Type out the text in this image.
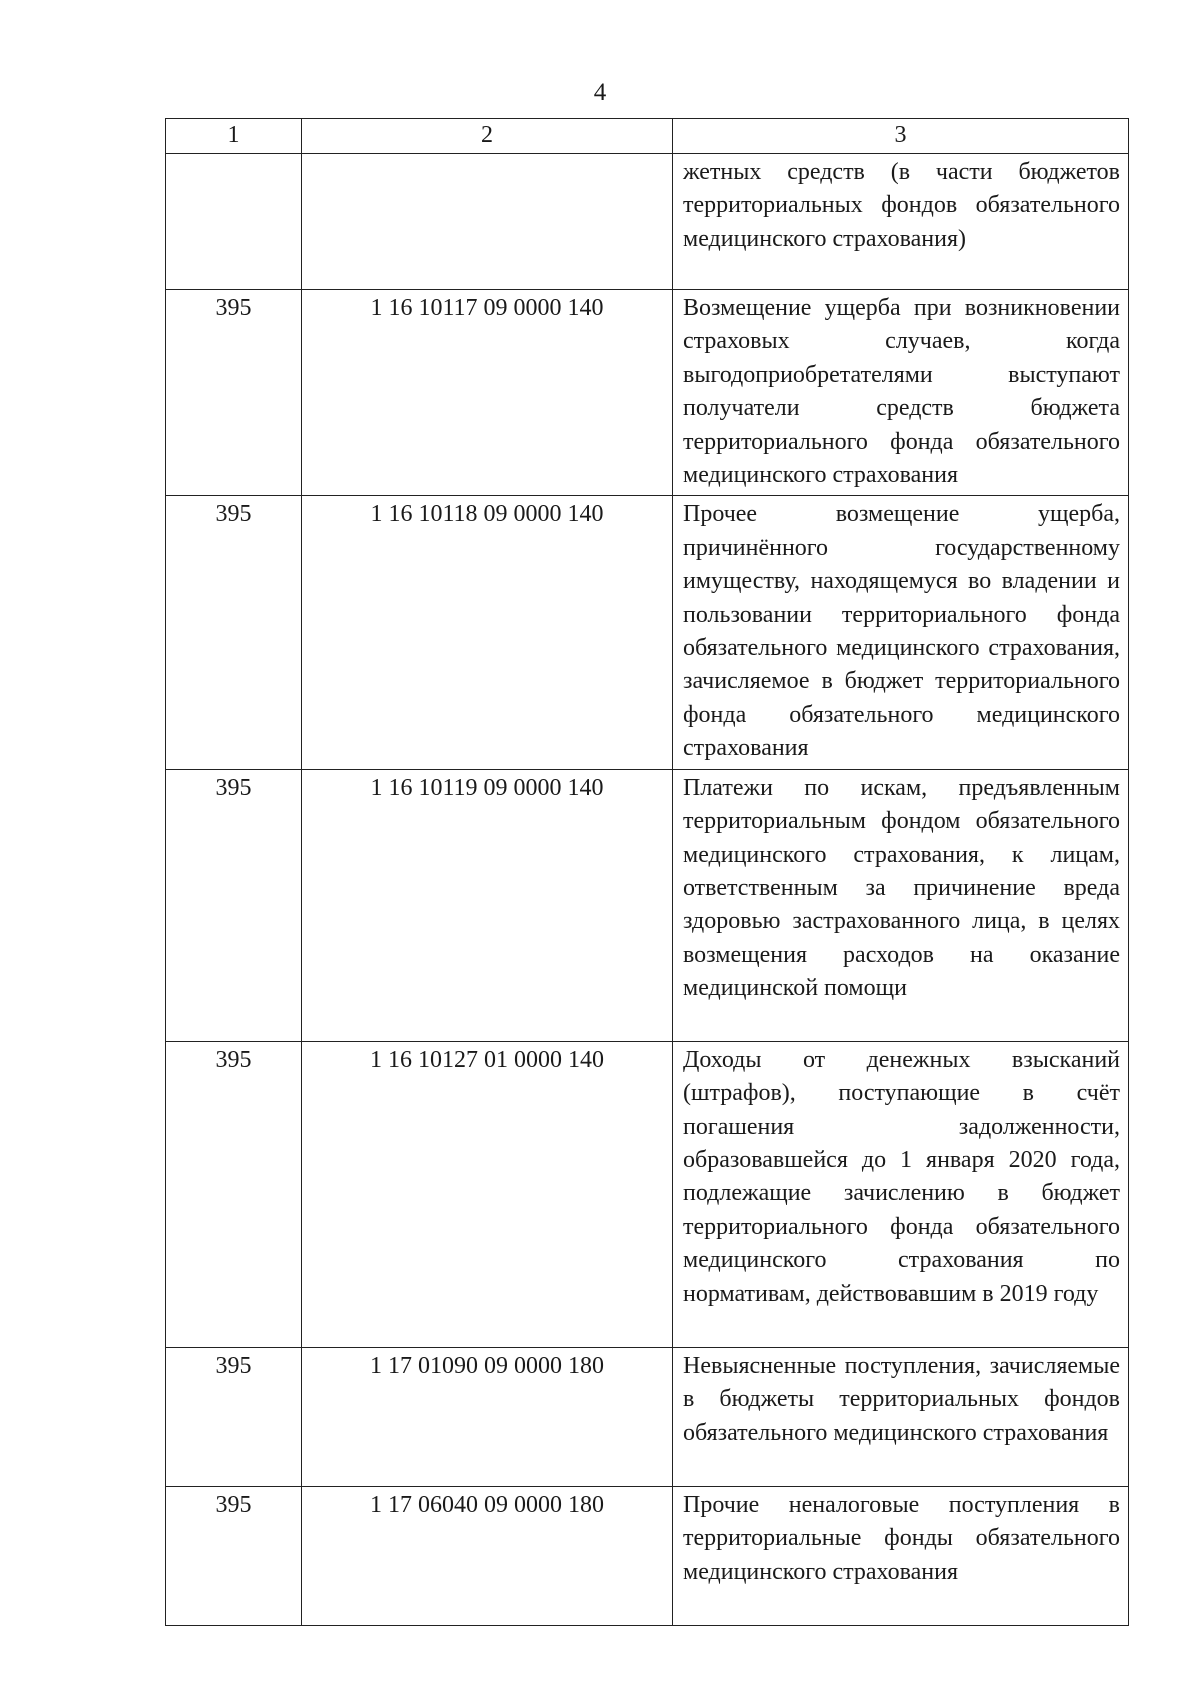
4
1	2	3
		жетных средств (в части бюджетов территориальных фондов обязательного медицинского страхования)
395	1 16 10117 09 0000 140	Возмещение ущерба при возникновении страховых случаев, когда выгодоприобретателями выступают получатели средств бюджета территориального фонда обязательного медицинского страхования
395	1 16 10118 09 0000 140	Прочее возмещение ущерба, причинённого государственному имуществу, находящемуся во владении и пользовании территориального фонда обязательного медицинского страхования, зачисляемое в бюджет территориального фонда обязательного медицинского страхования
395	1 16 10119 09 0000 140	Платежи по искам, предъявленным территориальным фондом обязательного медицинского страхования, к лицам, ответственным за причинение вреда здоровью застрахованного лица, в целях возмещения расходов на оказание медицинской помощи
395	1 16 10127 01 0000 140	Доходы от денежных взысканий (штрафов), поступающие в счёт погашения задолженности, образовавшейся до 1 января 2020 года, подлежащие зачислению в бюджет территориального фонда обязательного медицинского страхования по нормативам, действовавшим в 2019 году
395	1 17 01090 09 0000 180	Невыясненные поступления, зачисляемые в бюджеты территориальных фондов обязательного медицинского страхования
395	1 17 06040 09 0000 180	Прочие неналоговые поступления в территориальные фонды обязательного медицинского страхования
